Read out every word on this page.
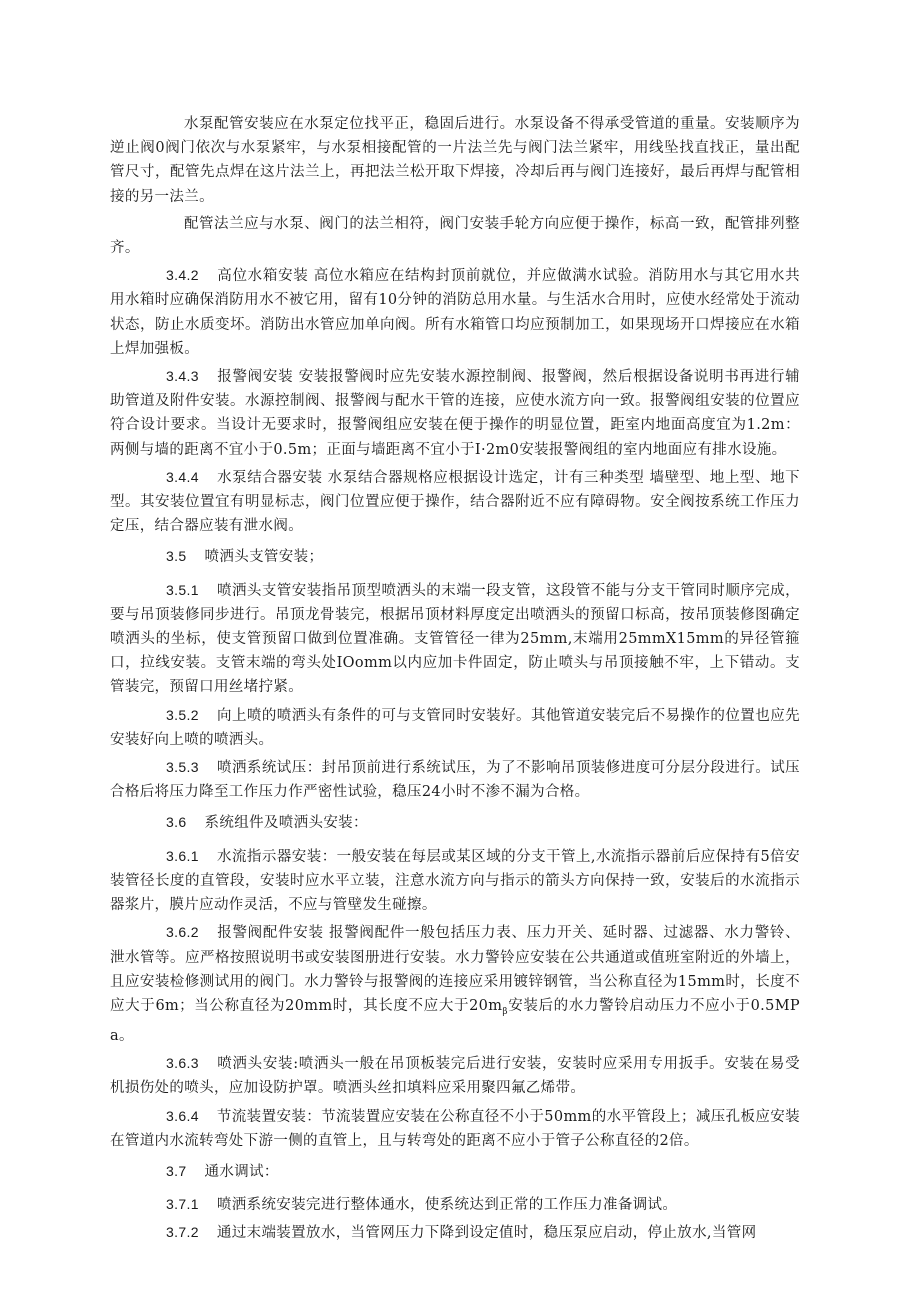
水泵配管安装应在水泵定位找平正，稳固后进行。水泵设备不得承受管道的重量。安装顺序为逆止阀0阀门依次与水泵紧牢，与水泵相接配管的一片法兰先与阀门法兰紧牢，用线坠找直找正，量出配管尺寸，配管先点焊在这片法兰上，再把法兰松开取下焊接，冷却后再与阀门连接好，最后再焊与配管相接的另一法兰。

配管法兰应与水泵、阀门的法兰相符，阀门安装手轮方向应便于操作，标高一致，配管排列整齐。

3.4.2 高位水箱安装 高位水箱应在结构封顶前就位，并应做满水试验。消防用水与其它用水共用水箱时应确保消防用水不被它用，留有10分钟的消防总用水量。与生活水合用时，应使水经常处于流动状态，防止水质变坏。消防出水管应加单向阀。所有水箱管口均应预制加工，如果现场开口焊接应在水箱上焊加强板。

3.4.3 报警阀安装 安装报警阀时应先安装水源控制阀、报警阀，然后根据设备说明书再进行辅助管道及附件安装。水源控制阀、报警阀与配水干管的连接，应使水流方向一致。报警阀组安装的位置应符合设计要求。当设计无要求时，报警阀组应安装在便于操作的明显位置，距室内地面高度宜为1.2m：两侧与墙的距离不宜小于0.5m；正面与墙距离不宜小于I·2m0安装报警阀组的室内地面应有排水设施。

3.4.4 水泵结合器安装 水泵结合器规格应根据设计选定，计有三种类型 墙壁型、地上型、地下型。其安装位置宜有明显标志，阀门位置应便于操作，结合器附近不应有障碍物。安全阀按系统工作压力定压，结合器应装有泄水阀。

3.5 喷洒头支管安装；

3.5.1 喷洒头支管安装指吊顶型喷洒头的末端一段支管，这段管不能与分支干管同时顺序完成，要与吊顶装修同步进行。吊顶龙骨装完，根据吊顶材料厚度定出喷洒头的预留口标高，按吊顶装修图确定喷洒头的坐标，使支管预留口做到位置准确。支管管径一律为25mm,末端用25mmX15mm的异径管箍口，拉线安装。支管末端的弯头处IOomm以内应加卡件固定，防止喷头与吊顶接触不牢，上下错动。支管装完，预留口用丝堵拧紧。

3.5.2 向上喷的喷洒头有条件的可与支管同时安装好。其他管道安装完后不易操作的位置也应先安装好向上喷的喷洒头。

3.5.3 喷洒系统试压：封吊顶前进行系统试压，为了不影响吊顶装修进度可分层分段进行。试压合格后将压力降至工作压力作严密性试验，稳压24小时不渗不漏为合格。

3.6 系统组件及喷洒头安装：

3.6.1 水流指示器安装：一般安装在每层或某区域的分支干管上,水流指示器前后应保持有5倍安装管径长度的直管段，安装时应水平立装，注意水流方向与指示的箭头方向保持一致，安装后的水流指示器浆片，膜片应动作灵活，不应与管壁发生碰擦。

3.6.2 报警阀配件安装 报警阀配件一般包括压力表、压力开关、延时器、过滤器、水力警铃、泄水管等。应严格按照说明书或安装图册进行安装。水力警铃应安装在公共通道或值班室附近的外墙上，且应安装检修测试用的阀门。水力警铃与报警阀的连接应采用镀锌钢管，当公称直径为15mm时，长度不应大于6m；当公称直径为20mm时，其长度不应大于$20m_\beta$安装后的水力警铃启动压力不应小于0.5MPa。

3.6.3 喷洒头安装:喷洒头一般在吊顶板装完后进行安装，安装时应采用专用扳手。安装在易受机损伤处的喷头，应加设防护罩。喷洒头丝扣填料应采用聚四氟乙烯带。

3.6.4 节流装置安装：节流装置应安装在公称直径不小于50mm的水平管段上；减压孔板应安装在管道内水流转弯处下游一侧的直管上，且与转弯处的距离不应小于管子公称直径的2倍。

3.7 通水调试：

3.7.1 喷洒系统安装完进行整体通水，使系统达到正常的工作压力准备调试。

3.7.2 通过末端装置放水，当管网压力下降到设定值时，稳压泵应启动，停止放水,当管网
